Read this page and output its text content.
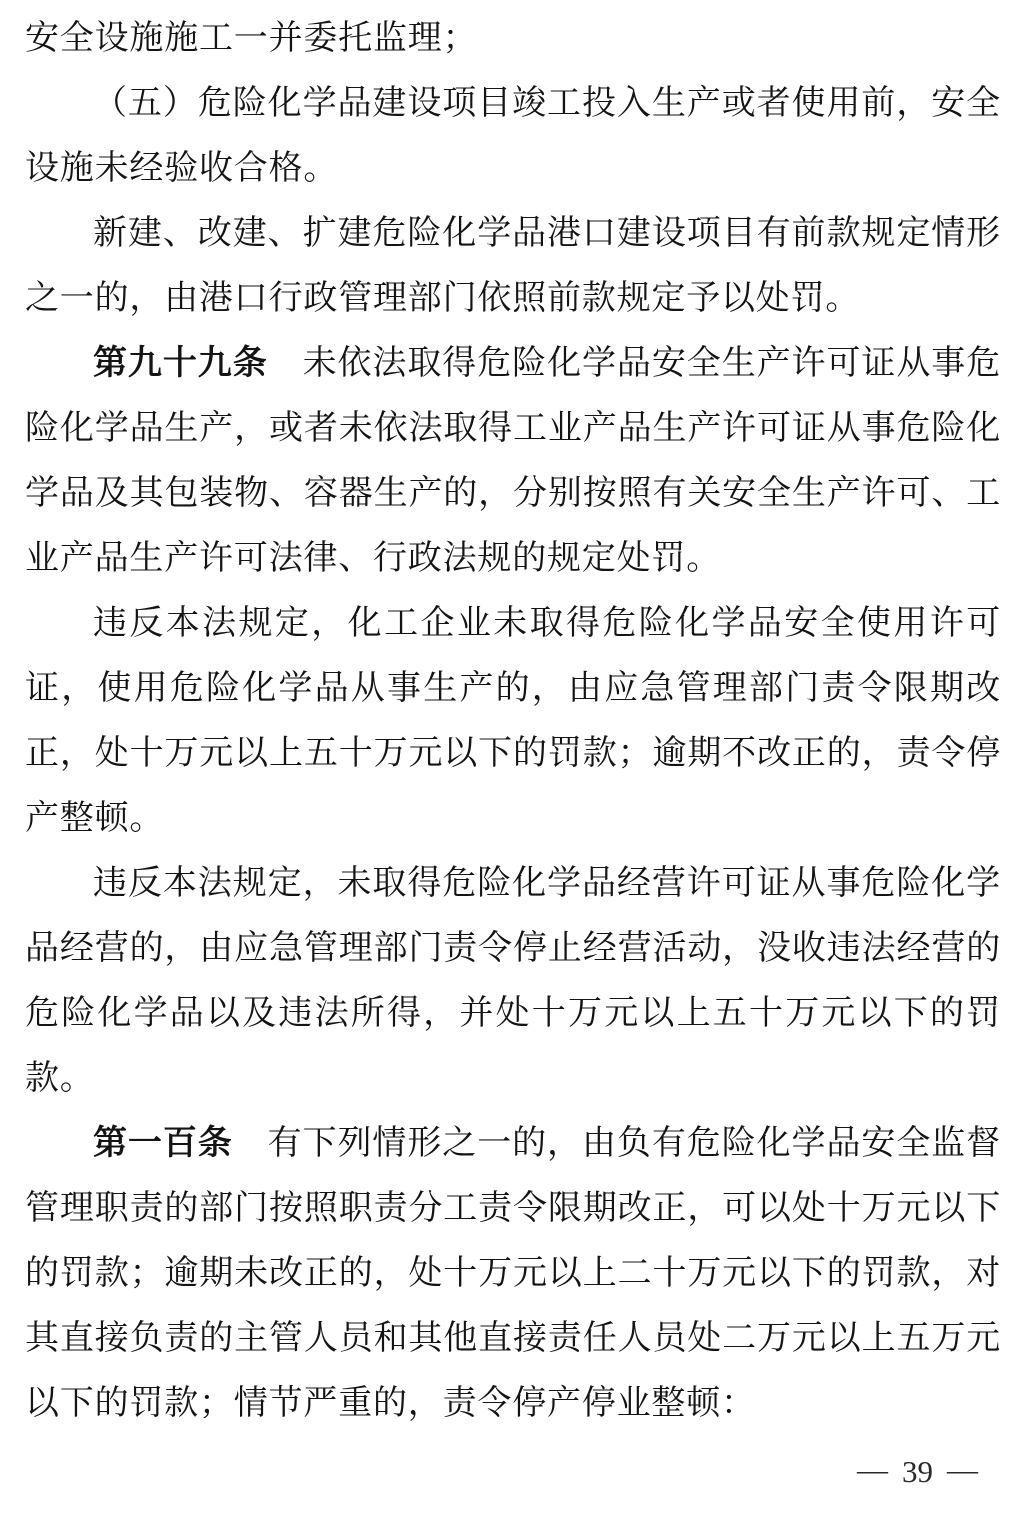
安全设施施工一并委托监理；

（五）危险化学品建设项目竣工投入生产或者使用前，安全设施未经验收合格。

新建、改建、扩建危险化学品港口建设项目有前款规定情形之一的，由港口行政管理部门依照前款规定予以处罚。

第九十九条　未依法取得危险化学品安全生产许可证从事危险化学品生产，或者未依法取得工业产品生产许可证从事危险化学品及其包装物、容器生产的，分别按照有关安全生产许可、工业产品生产许可法律、行政法规的规定处罚。

违反本法规定，化工企业未取得危险化学品安全使用许可证，使用危险化学品从事生产的，由应急管理部门责令限期改正，处十万元以上五十万元以下的罚款；逾期不改正的，责令停产整顿。

违反本法规定，未取得危险化学品经营许可证从事危险化学品经营的，由应急管理部门责令停止经营活动，没收违法经营的危险化学品以及违法所得，并处十万元以上五十万元以下的罚款。

第一百条　有下列情形之一的，由负有危险化学品安全监督管理职责的部门按照职责分工责令限期改正，可以处十万元以下的罚款；逾期未改正的，处十万元以上二十万元以下的罚款，对其直接负责的主管人员和其他直接责任人员处二万元以上五万元以下的罚款；情节严重的，责令停产停业整顿：

— 39 —
